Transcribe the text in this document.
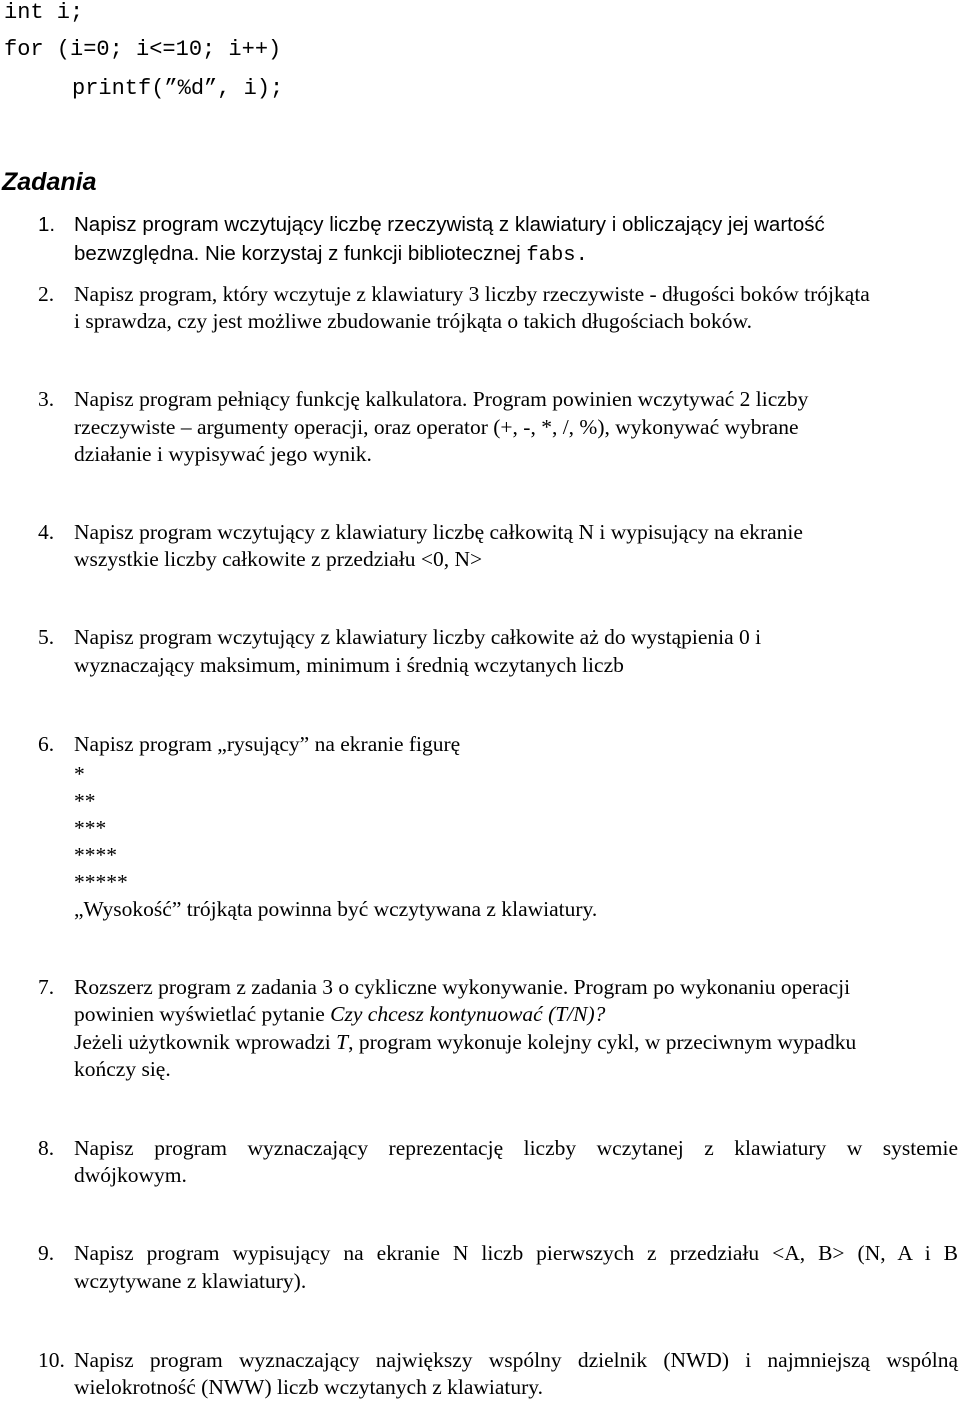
int i;
for (i=0; i<=10; i++)
printf(”%d”, i);
Zadania
1. Napisz program wczytujący liczbę rzeczywistą z klawiatury i obliczający jej wartość
bezwzględna. Nie korzystaj z funkcji bibliotecznej fabs.
2. Napisz program, który wczytuje z klawiatury 3 liczby rzeczywiste - długości boków trójkąta
i sprawdza, czy jest możliwe zbudowanie trójkąta o takich długościach boków.
3. Napisz program pełniący funkcję kalkulatora. Program powinien wczytywać 2 liczby
rzeczywiste – argumenty operacji, oraz operator (+, -, *, /, %), wykonywać wybrane
działanie i wypisywać jego wynik.
4. Napisz program wczytujący z klawiatury liczbę całkowitą N i wypisujący na ekranie
wszystkie liczby całkowite z przedziału <0, N>
5. Napisz program wczytujący z klawiatury liczby całkowite aż do wystąpienia 0 i
wyznaczający maksimum, minimum i średnią wczytanych liczb
6. Napisz program „rysujący” na ekranie figurę
*
**
***
****
*****
„Wysokość” trójkąta powinna być wczytywana z klawiatury.
7. Rozszerz program z zadania 3 o cykliczne wykonywanie. Program po wykonaniu operacji
powinien wyświetlać pytanie Czy chcesz kontynuować (T/N)?
Jeżeli użytkownik wprowadzi T, program wykonuje kolejny cykl, w przeciwnym wypadku
kończy się.
8. Napisz program wyznaczający reprezentację liczby wczytanej z klawiatury w systemie
dwójkowym.
9. Napisz program wypisujący na ekranie N liczb pierwszych z przedziału <A, B> (N, A i B
wczytywane z klawiatury).
10. Napisz program wyznaczający największy wspólny dzielnik (NWD) i najmniejszą wspólną
wielokrotność (NWW) liczb wczytanych z klawiatury.
